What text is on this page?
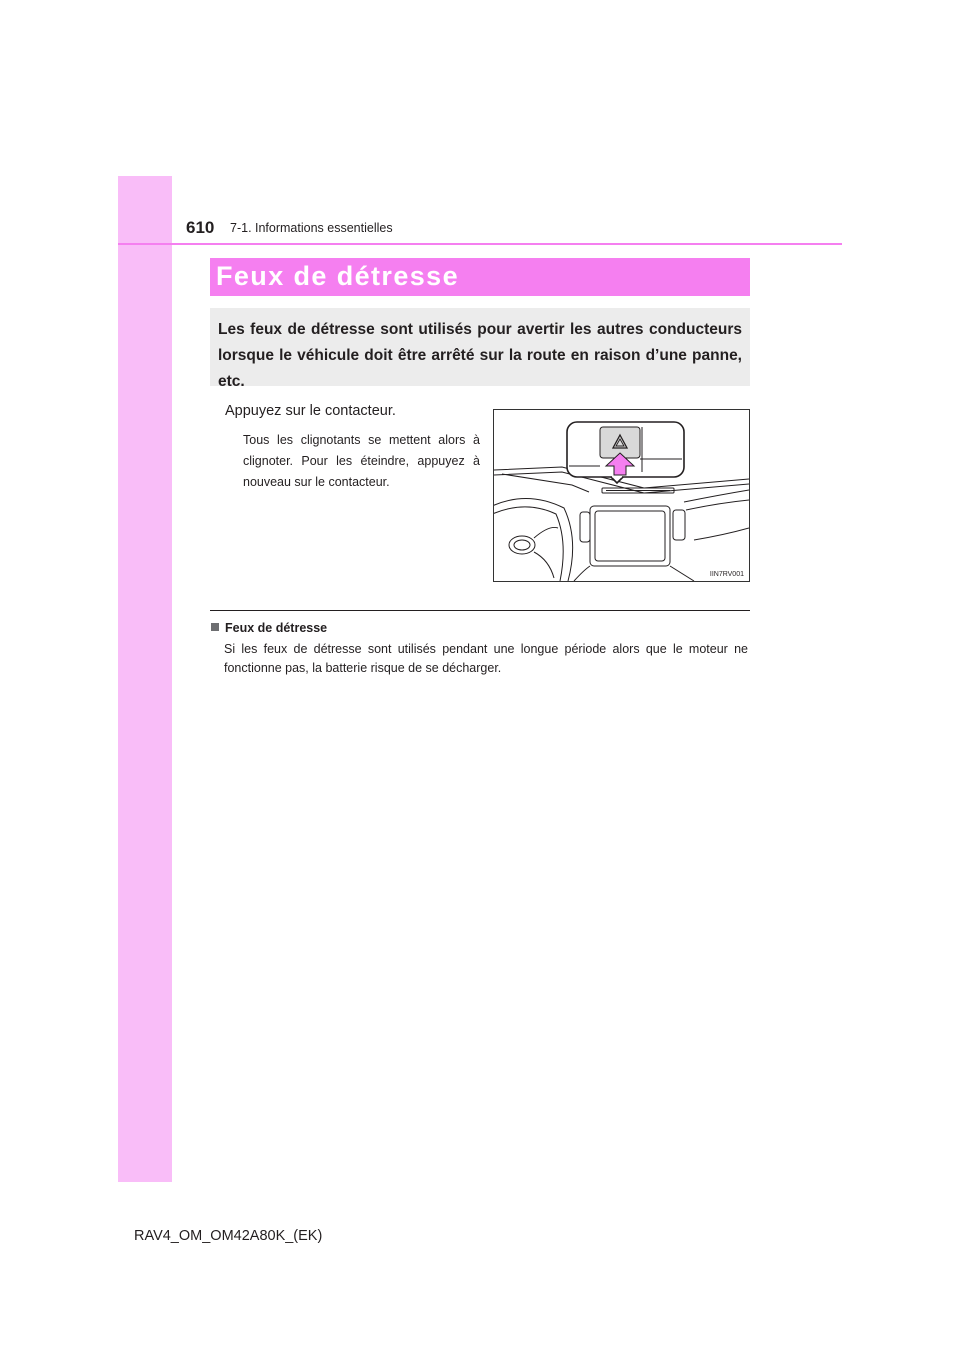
610 7-1. Informations essentielles
Feux de détresse

Les feux de détresse sont utilisés pour avertir les autres conducteurs lorsque le véhicule doit être arrêté sur la route en raison d’une panne, etc.

Appuyez sur le contacteur.

Tous les clignotants se mettent alors à clignoter. Pour les éteindre, appuyez à nouveau sur le contacteur.

IIN7RV001
Feux de détresse

Si les feux de détresse sont utilisés pendant une longue période alors que le moteur ne fonctionne pas, la batterie risque de se décharger.

RAV4_OM_OM42A80K_(EK)
